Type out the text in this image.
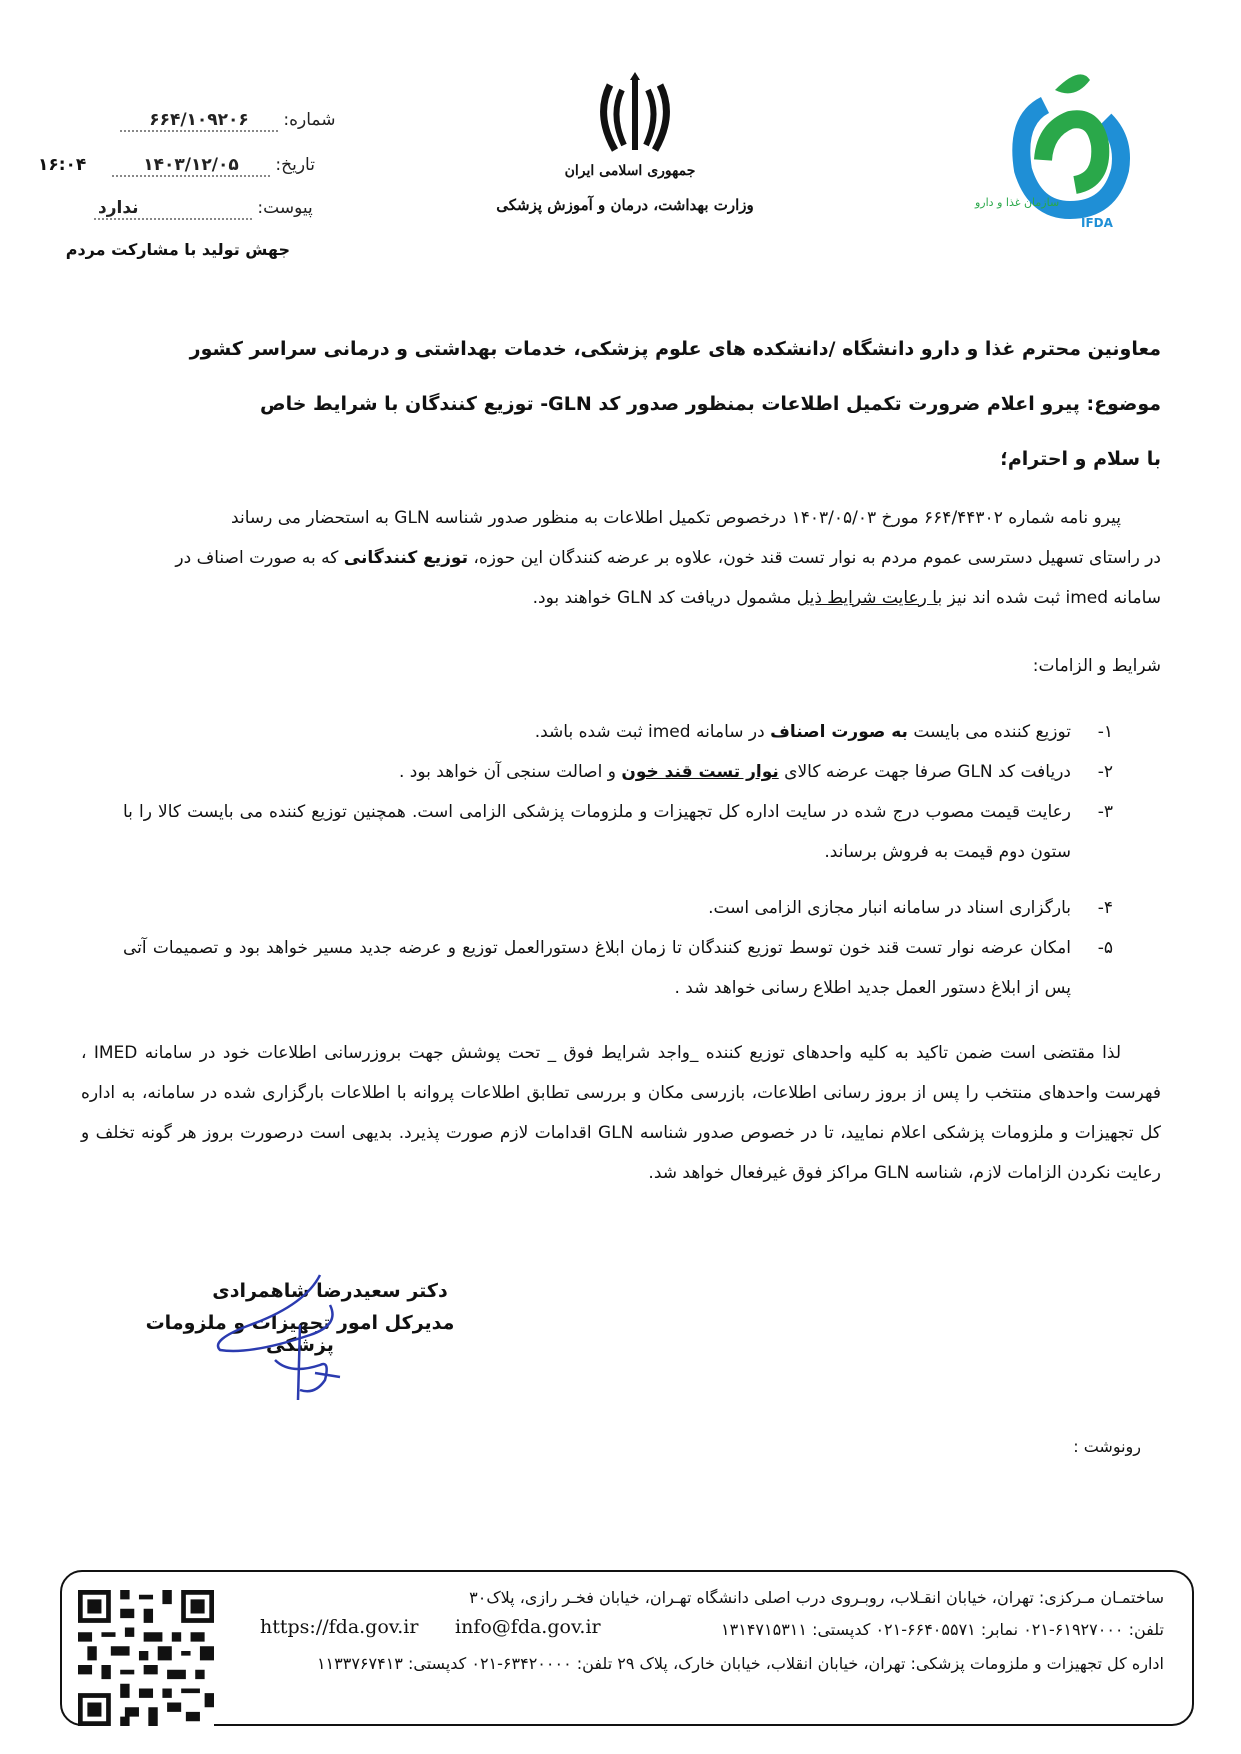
IFDA
سازمان غذا و دارو
جمهوری اسلامی ایران
وزارت بهداشت، درمان و آموزش پزشکی
شماره: ۶۶۴/۱۰۹۲۰۶
تاریخ: ۱۴۰۳/۱۲/۰۵
۱۶:۰۴
پیوست: ندارد
جهش تولید با مشارکت مردم
معاونین محترم غذا و دارو دانشگاه /دانشکده های علوم پزشکی، خدمات بهداشتی و درمانی سراسر کشور
موضوع: پیرو اعلام ضرورت تکمیل اطلاعات بمنظور صدور کد GLN- توزیع کنندگان با شرایط خاص
با سلام و احترام؛
پیرو نامه شماره ۶۶۴/۴۴۳۰۲ مورخ ۱۴۰۳/۰۵/۰۳ درخصوص تکمیل اطلاعات به منظور صدور شناسه GLN به استحضار می رساند
در راستای تسهیل دسترسی عموم مردم به نوار تست قند خون، علاوه بر عرضه کنندگان این حوزه، توزیع کنندگانی که به صورت اصناف در
سامانه imed ثبت شده اند نیز با رعایت شرایط ذیل مشمول دریافت کد GLN خواهند بود.
شرایط و الزامات:
۱-
توزیع کننده می بایست به صورت اصناف در سامانه imed ثبت شده باشد.
۲-
دریافت کد GLN صرفا جهت عرضه کالای نوار تست قند خون و اصالت سنجی آن خواهد بود .
۳-
رعایت قیمت مصوب درج شده در سایت اداره کل تجهیزات و ملزومات پزشکی الزامی است. همچنین توزیع کننده می بایست کالا را با ستون دوم قیمت به فروش برساند.
۴-
بارگزاری اسناد در سامانه انبار مجازی الزامی است.
۵-
امکان عرضه نوار تست قند خون توسط توزیع کنندگان تا زمان ابلاغ دستورالعمل توزیع و عرضه جدید مسیر خواهد بود و تصمیمات آتی پس از ابلاغ دستور العمل جدید اطلاع رسانی خواهد شد .
لذا مقتضی است ضمن تاکید به کلیه واحدهای توزیع کننده _واجد شرایط فوق _ تحت پوشش جهت بروزرسانی اطلاعات خود در سامانه IMED ، فهرست واحدهای منتخب را پس از بروز رسانی اطلاعات، بازرسی مکان و بررسی تطابق اطلاعات پروانه با اطلاعات بارگزاری شده در سامانه، به اداره کل تجهیزات و ملزومات پزشکی اعلام نمایید، تا در خصوص صدور شناسه GLN اقدامات لازم صورت پذیرد. بدیهی است درصورت بروز هر گونه تخلف و رعایت نکردن الزامات لازم، شناسه GLN مراکز فوق غیرفعال خواهد شد.
دکتر سعیدرضا شاهمرادی
مدیرکل امور تجهیزات و ملزومات پزشکی
رونوشت :
ساختمـان مـرکزی: تهران، خیابان انقـلاب، روبـروی درب اصلی دانشگاه تهـران، خیابان فخـر رازی، پلاک۳۰
تلفن: ۶۱۹۲۷۰۰۰-۰۲۱ نمابر: ۶۶۴۰۵۵۷۱-۰۲۱ کدپستی: ۱۳۱۴۷۱۵۳۱۱
https://fda.gov.ir info@fda.gov.ir
اداره کل تجهیزات و ملزومات پزشکی: تهران، خیابان انقلاب، خیابان خارک، پلاک ۲۹ تلفن: ۶۳۴۲۰۰۰۰-۰۲۱ کدپستی: ۱۱۳۳۷۶۷۴۱۳
